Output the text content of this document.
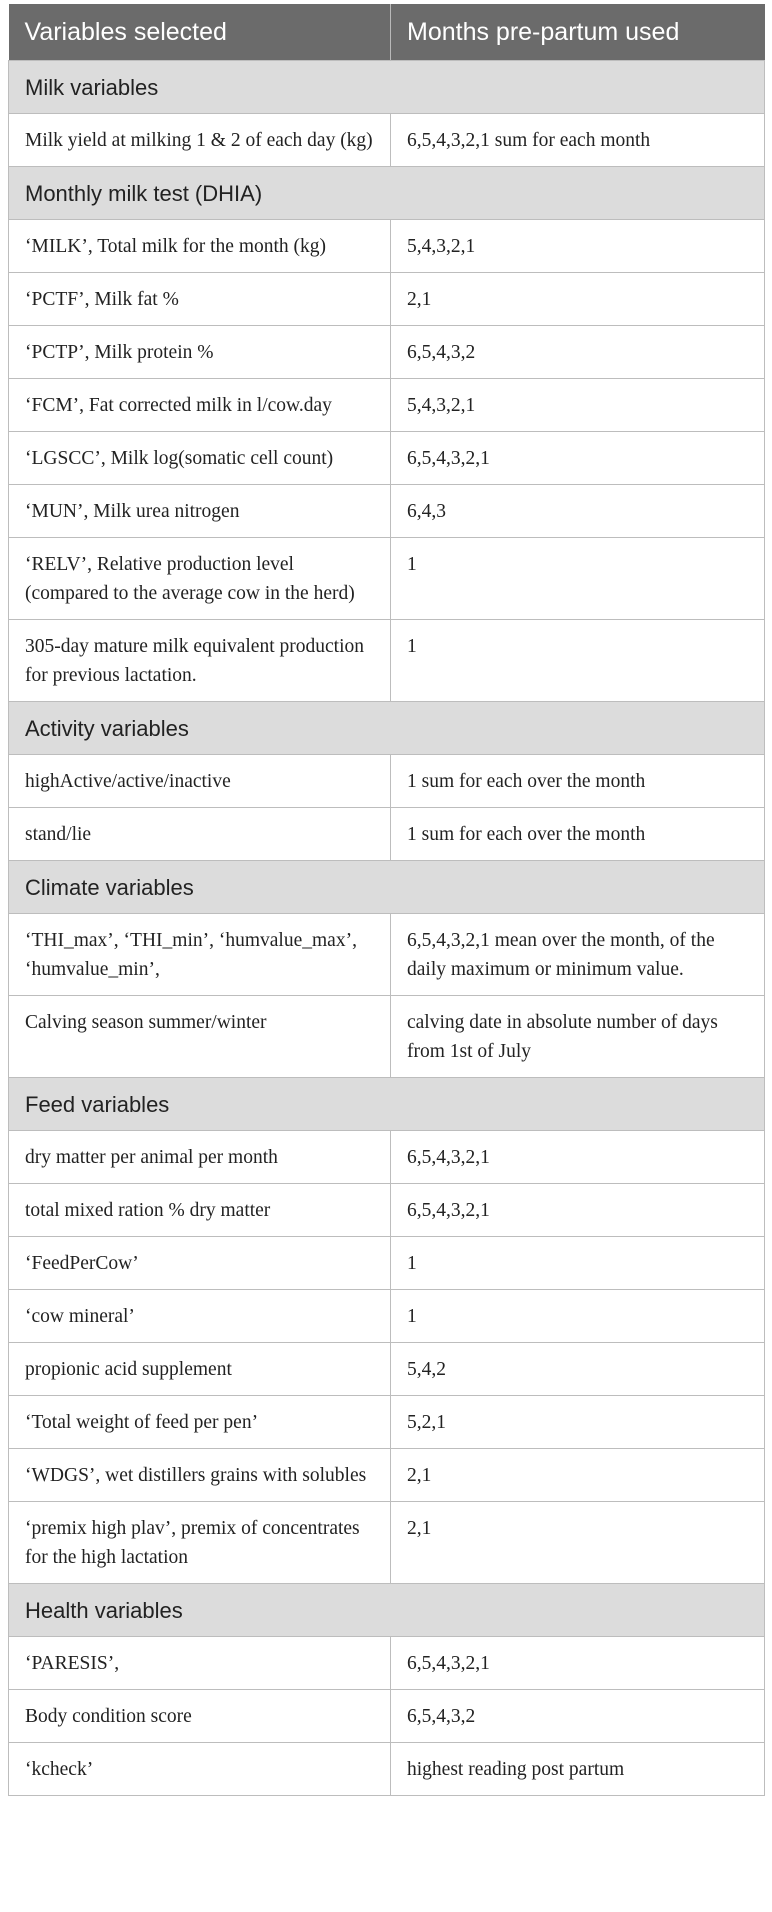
Variables selected	Months pre-partum used
Milk variables	
Milk yield at milking 1 & 2 of each day (kg)	6,5,4,3,2,1 sum for each month
Monthly milk test (DHIA)	
‘MILK’, Total milk for the month (kg)	5,4,3,2,1
‘PCTF’, Milk fat %	2,1
‘PCTP’, Milk protein %	6,5,4,3,2
‘FCM’, Fat corrected milk in l/cow.day	5,4,3,2,1
‘LGSCC’, Milk log(somatic cell count)	6,5,4,3,2,1
‘MUN’, Milk urea nitrogen	6,4,3
‘RELV’, Relative production level (compared to the average cow in the herd)	1
305-day mature milk equivalent production for previous lactation.	1
Activity variables	
highActive/active/inactive	1 sum for each over the month
stand/lie	1 sum for each over the month
Climate variables	
‘THI_max’, ‘THI_min’, ‘humvalue_max’, ‘humvalue_min’,	6,5,4,3,2,1 mean over the month, of the daily maximum or minimum value.
Calving season summer/winter	calving date in absolute number of days from 1st of July
Feed variables	
dry matter per animal per month	6,5,4,3,2,1
total mixed ration % dry matter	6,5,4,3,2,1
‘FeedPerCow’	1
‘cow mineral’	1
propionic acid supplement	5,4,2
‘Total weight of feed per pen’	5,2,1
‘WDGS’, wet distillers grains with solubles	2,1
‘premix high plav’, premix of concentrates for the high lactation	2,1
Health variables	
‘PARESIS’,	6,5,4,3,2,1
Body condition score	6,5,4,3,2
‘kcheck’	highest reading post partum
